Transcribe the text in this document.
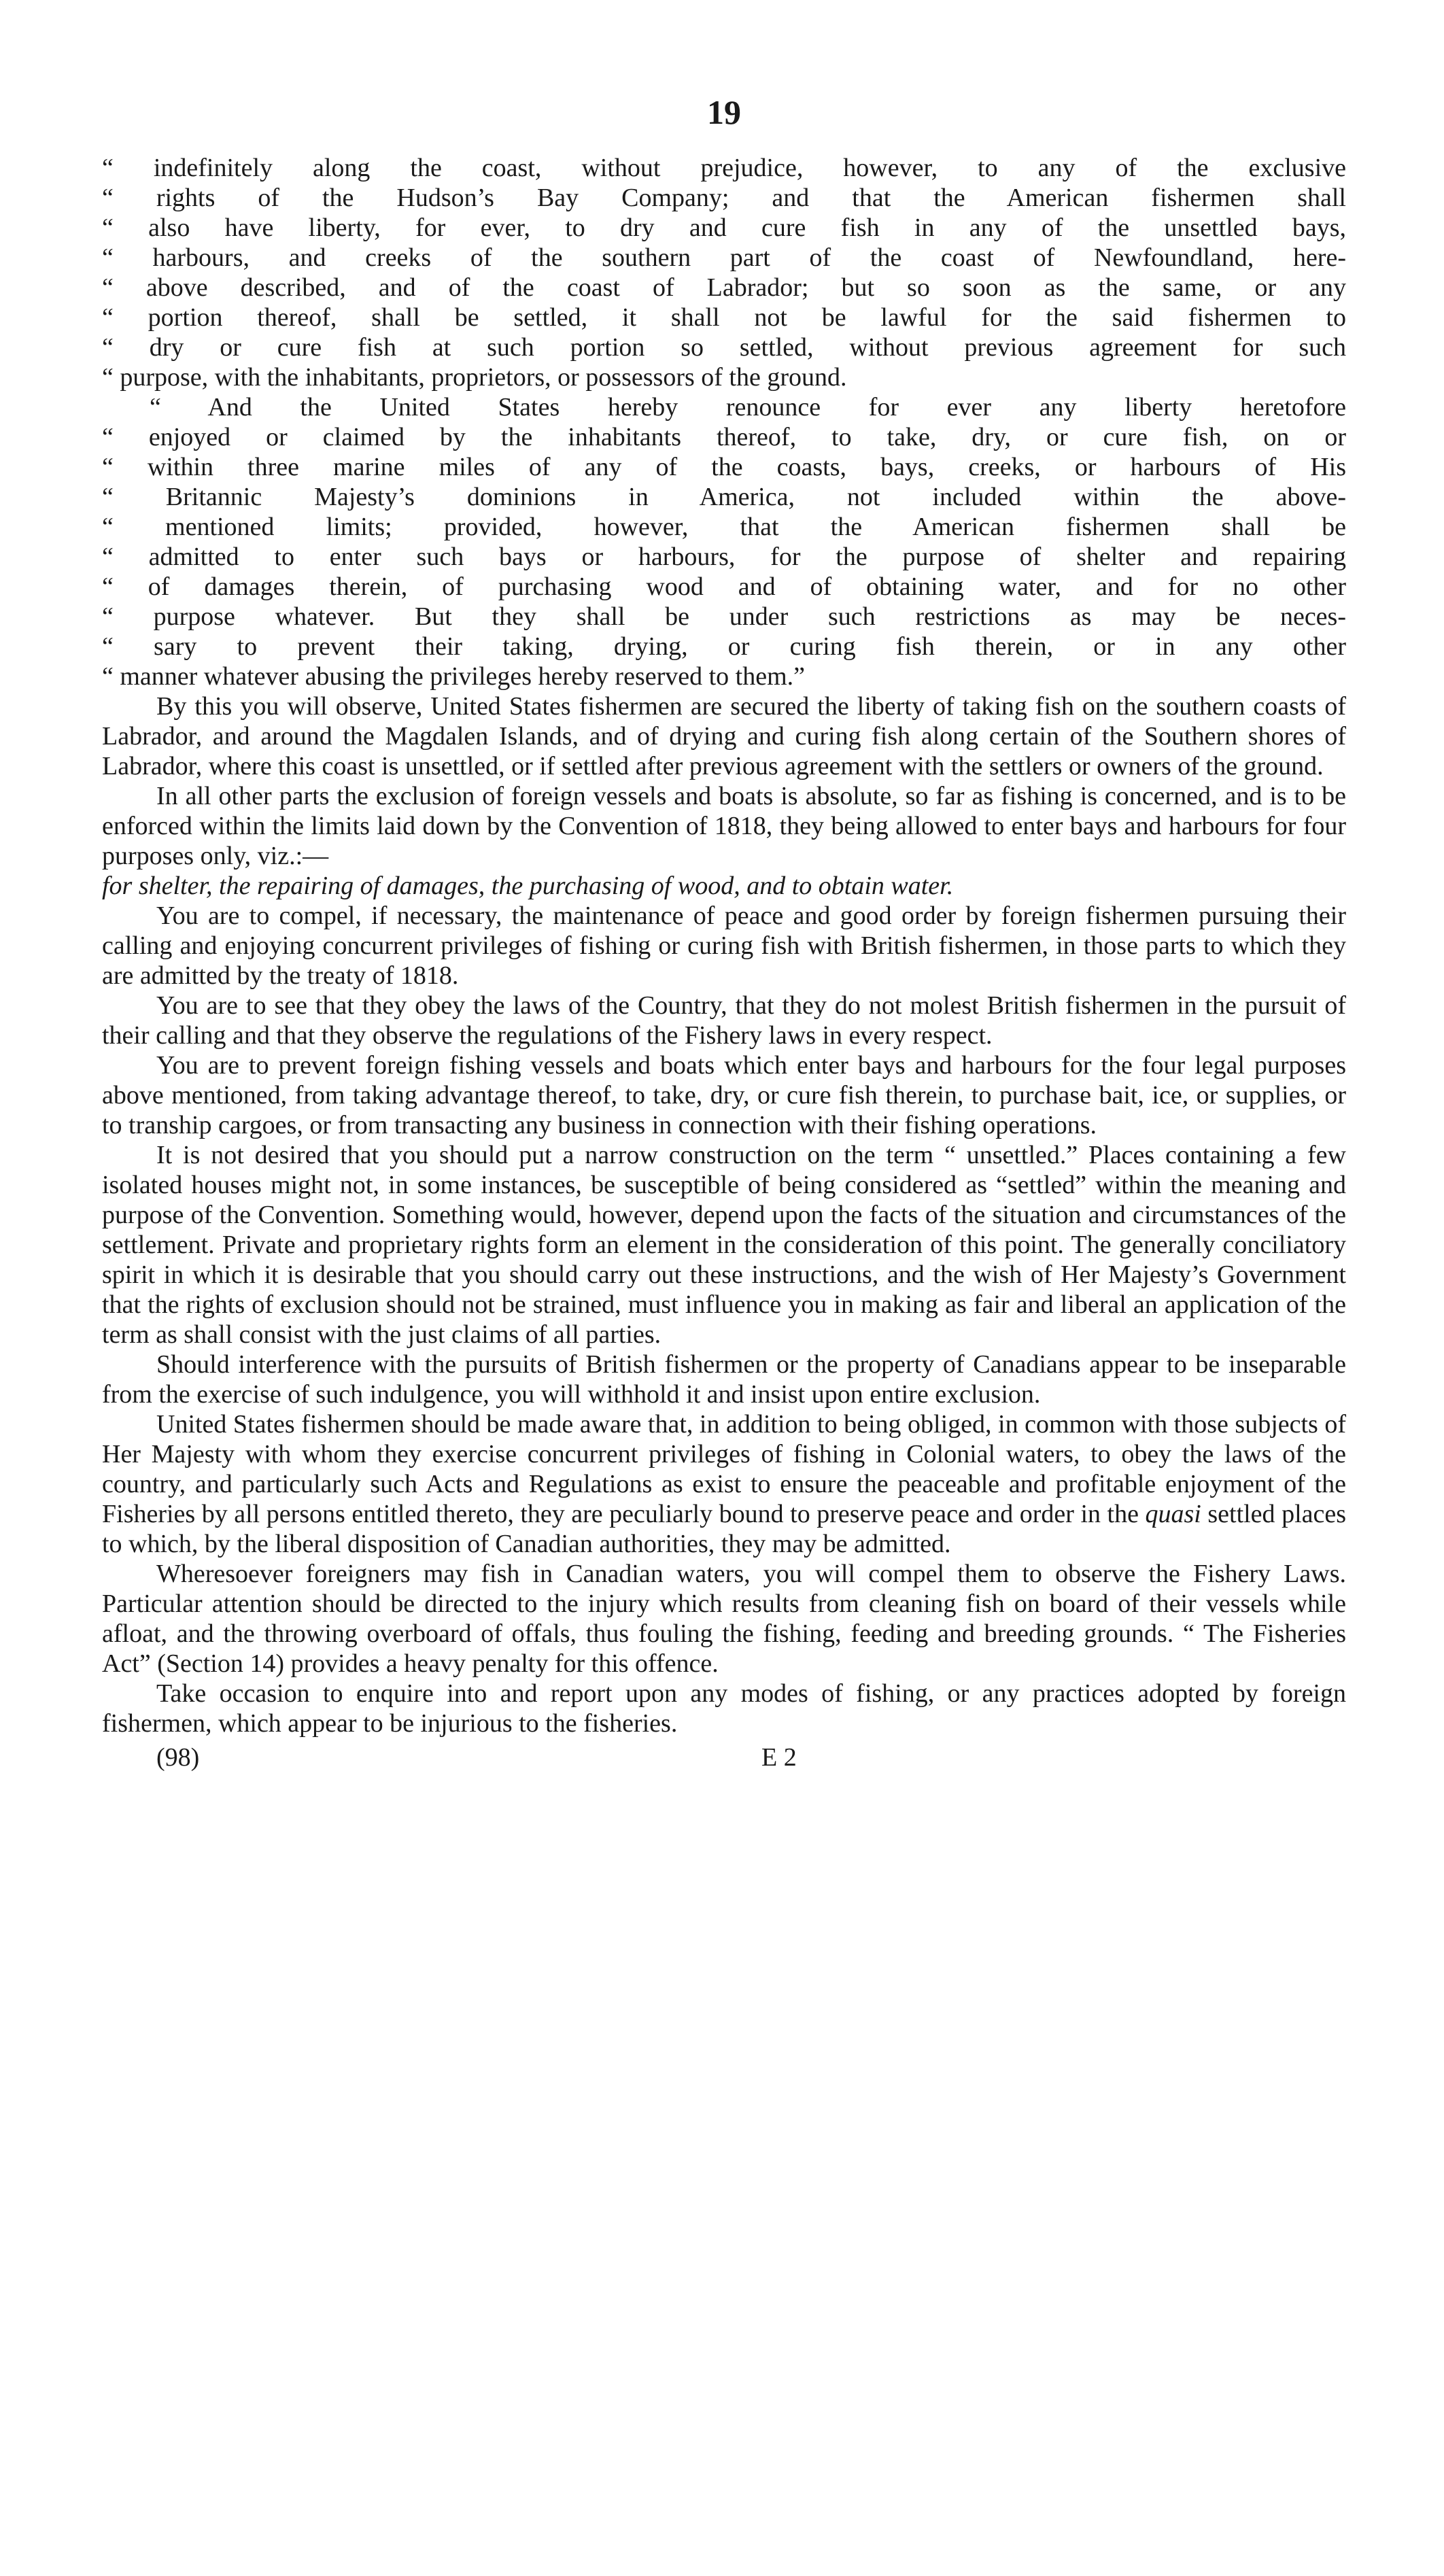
19
“ indefinitely along the coast, without prejudice, however, to any of the exclusive
“ rights of the Hudson’s Bay Company; and that the American fishermen shall
“ also have liberty, for ever, to dry and cure fish in any of the unsettled bays,
“ harbours, and creeks of the southern part of the coast of Newfoundland, here-
“ above described, and of the coast of Labrador; but so soon as the same, or any
“ portion thereof, shall be settled, it shall not be lawful for the said fishermen to
“ dry or cure fish at such portion so settled, without previous agreement for such
“ purpose, with the inhabitants, proprietors, or possessors of the ground.
“ And the United States hereby renounce for ever any liberty heretofore
“ enjoyed or claimed by the inhabitants thereof, to take, dry, or cure fish, on or
“ within three marine miles of any of the coasts, bays, creeks, or harbours of His
“ Britannic Majesty’s dominions in America, not included within the above-
“ mentioned limits; provided, however, that the American fishermen shall be
“ admitted to enter such bays or harbours, for the purpose of shelter and repairing
“ of damages therein, of purchasing wood and of obtaining water, and for no other
“ purpose whatever. But they shall be under such restrictions as may be neces-
“ sary to prevent their taking, drying, or curing fish therein, or in any other
“ manner whatever abusing the privileges hereby reserved to them.”

By this you will observe, United States fishermen are secured the liberty of taking fish on the southern coasts of Labrador, and around the Magdalen Islands, and of drying and curing fish along certain of the Southern shores of Labrador, where this coast is unsettled, or if settled after previous agreement with the settlers or owners of the ground.

In all other parts the exclusion of foreign vessels and boats is absolute, so far as fishing is concerned, and is to be enforced within the limits laid down by the Convention of 1818, they being allowed to enter bays and harbours for four purposes only, viz.:—
for shelter, the repairing of damages, the purchasing of wood, and to obtain water.

You are to compel, if necessary, the maintenance of peace and good order by foreign fishermen pursuing their calling and enjoying concurrent privileges of fishing or curing fish with British fishermen, in those parts to which they are admitted by the treaty of 1818.

You are to see that they obey the laws of the Country, that they do not molest British fishermen in the pursuit of their calling and that they observe the regulations of the Fishery laws in every respect.

You are to prevent foreign fishing vessels and boats which enter bays and harbours for the four legal purposes above mentioned, from taking advantage thereof, to take, dry, or cure fish therein, to purchase bait, ice, or supplies, or to tranship cargoes, or from transacting any business in connection with their fishing operations.

It is not desired that you should put a narrow construction on the term “ unsettled.” Places containing a few isolated houses might not, in some instances, be susceptible of being considered as “settled” within the meaning and purpose of the Convention. Something would, however, depend upon the facts of the situation and circumstances of the settlement. Private and proprietary rights form an element in the consideration of this point. The generally conciliatory spirit in which it is desirable that you should carry out these instructions, and the wish of Her Majesty’s Government that the rights of exclusion should not be strained, must influence you in making as fair and liberal an application of the term as shall consist with the just claims of all parties.

Should interference with the pursuits of British fishermen or the property of Canadians appear to be inseparable from the exercise of such indulgence, you will withhold it and insist upon entire exclusion.

United States fishermen should be made aware that, in addition to being obliged, in common with those subjects of Her Majesty with whom they exercise concurrent privileges of fishing in Colonial waters, to obey the laws of the country, and particularly such Acts and Regulations as exist to ensure the peaceable and profitable enjoyment of the Fisheries by all persons entitled thereto, they are peculiarly bound to preserve peace and order in the quasi settled places to which, by the liberal disposition of Canadian authorities, they may be admitted.

Wheresoever foreigners may fish in Canadian waters, you will compel them to observe the Fishery Laws. Particular attention should be directed to the injury which results from cleaning fish on board of their vessels while afloat, and the throwing overboard of offals, thus fouling the fishing, feeding and breeding grounds. “ The Fisheries Act” (Section 14) provides a heavy penalty for this offence.

Take occasion to enquire into and report upon any modes of fishing, or any practices adopted by foreign fishermen, which appear to be injurious to the fisheries.

(98)	E 2
